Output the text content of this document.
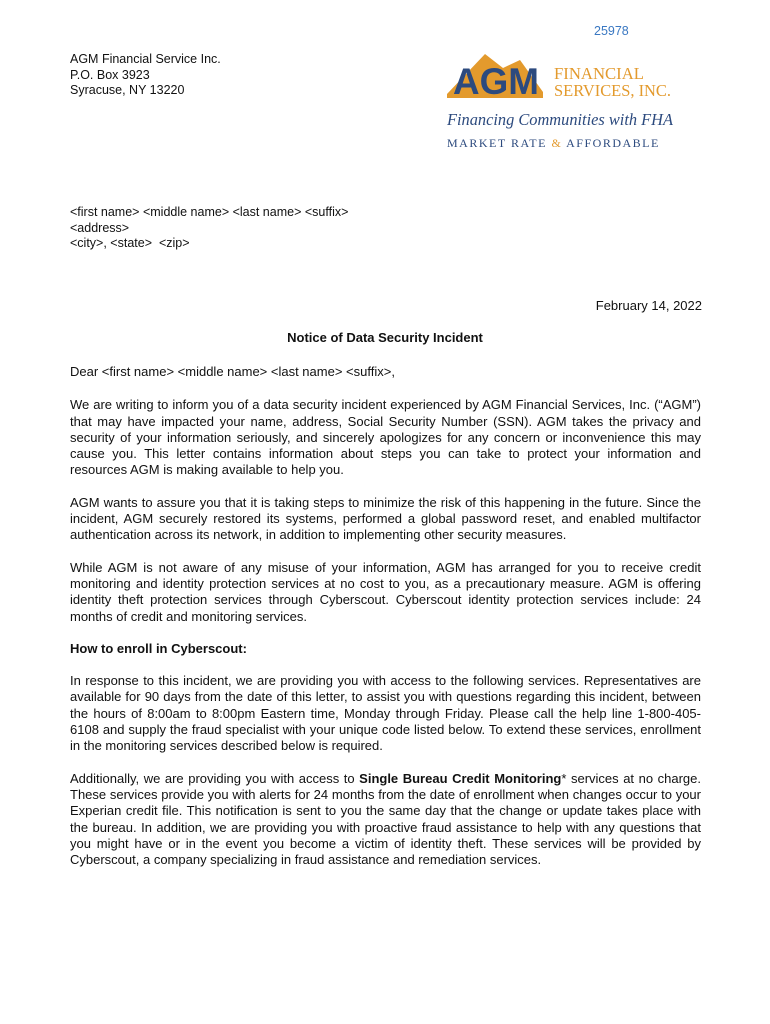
25978
AGM Financial Service Inc.
P.O. Box 3923
Syracuse, NY 13220	AGM FINANCIAL
SERVICES, INC.
Financing Communities with FHA
MARKET RATE & AFFORDABLE
<first name> <middle name> <last name> <suffix>
<address>
<city>, <state>  <zip>
February 14, 2022
Notice of Data Security Incident

Dear <first name> <middle name> <last name> <suffix>,

We are writing to inform you of a data security incident experienced by AGM Financial Services, Inc. (“AGM”) that may have impacted your name, address, Social Security Number (SSN). AGM takes the privacy and security of your information seriously, and sincerely apologizes for any concern or inconvenience this may cause you. This letter contains information about steps you can take to protect your information and resources AGM is making available to help you.

AGM wants to assure you that it is taking steps to minimize the risk of this happening in the future. Since the incident, AGM securely restored its systems, performed a global password reset, and enabled multifactor authentication across its network, in addition to implementing other security measures.

While AGM is not aware of any misuse of your information, AGM has arranged for you to receive credit monitoring and identity protection services at no cost to you, as a precautionary measure. AGM is offering identity theft protection services through Cyberscout. Cyberscout identity protection services include: 24 months of credit and monitoring services.

How to enroll in Cyberscout:

In response to this incident, we are providing you with access to the following services. Representatives are available for 90 days from the date of this letter, to assist you with questions regarding this incident, between the hours of 8:00am to 8:00pm Eastern time, Monday through Friday. Please call the help line 1-800-405-6108 and supply the fraud specialist with your unique code listed below. To extend these services, enrollment in the monitoring services described below is required.

Additionally, we are providing you with access to Single Bureau Credit Monitoring* services at no charge. These services provide you with alerts for 24 months from the date of enrollment when changes occur to your Experian credit file. This notification is sent to you the same day that the change or update takes place with the bureau. In addition, we are providing you with proactive fraud assistance to help with any questions that you might have or in the event you become a victim of identity theft. These services will be provided by Cyberscout, a company specializing in fraud assistance and remediation services.
